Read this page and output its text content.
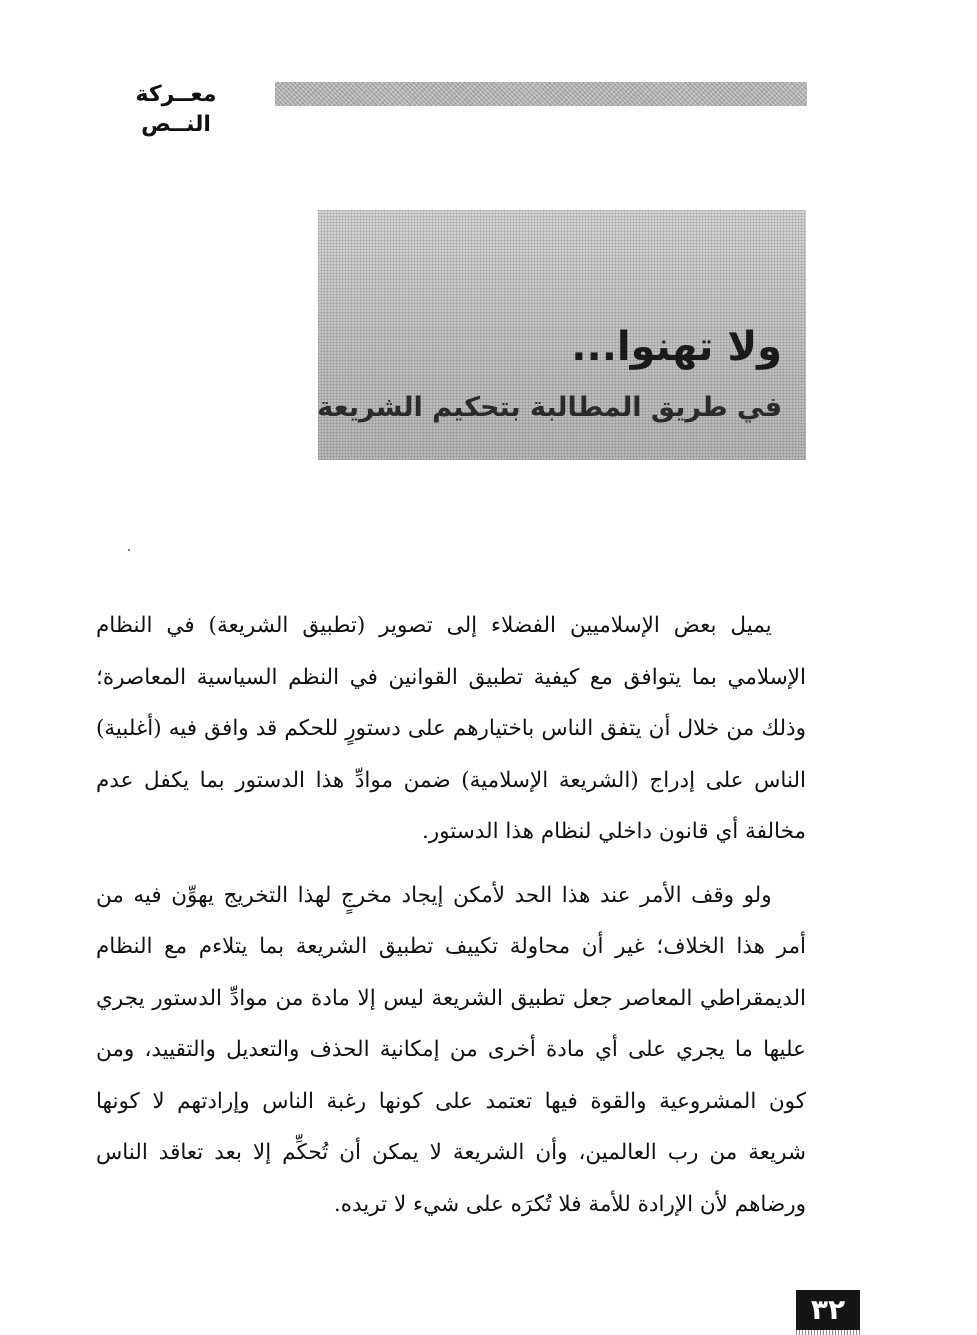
معــركة النــص
ولا تهنوا...
في طريق المطالبة بتحكيم الشريعة

يميل بعض الإسلاميين الفضلاء إلى تصوير (تطبيق الشريعة) في النظام الإسلامي بما يتوافق مع كيفية تطبيق القوانين في النظم السياسية المعاصرة؛ وذلك من خلال أن يتفق الناس باختيارهم على دستورٍ للحكم قد وافق فيه (أغلبية) الناس على إدراج (الشريعة الإسلامية) ضمن موادِّ هذا الدستور بما يكفل عدم مخالفة أي قانون داخلي لنظام هذا الدستور.

ولو وقف الأمر عند هذا الحد لأمكن إيجاد مخرجٍ لهذا التخريج يهوِّن فيه من أمر هذا الخلاف؛ غير أن محاولة تكييف تطبيق الشريعة بما يتلاءم مع النظام الديمقراطي المعاصر جعل تطبيق الشريعة ليس إلا مادة من موادِّ الدستور يجري عليها ما يجري على أي مادة أخرى من إمكانية الحذف والتعديل والتقييد، ومن كون المشروعية والقوة فيها تعتمد على كونها رغبة الناس وإرادتهم لا كونها شريعة من رب العالمين، وأن الشريعة لا يمكن أن تُحكِّم إلا بعد تعاقد الناس ورضاهم لأن الإرادة للأمة فلا تُكرَه على شيء لا تريده.

٣٢
